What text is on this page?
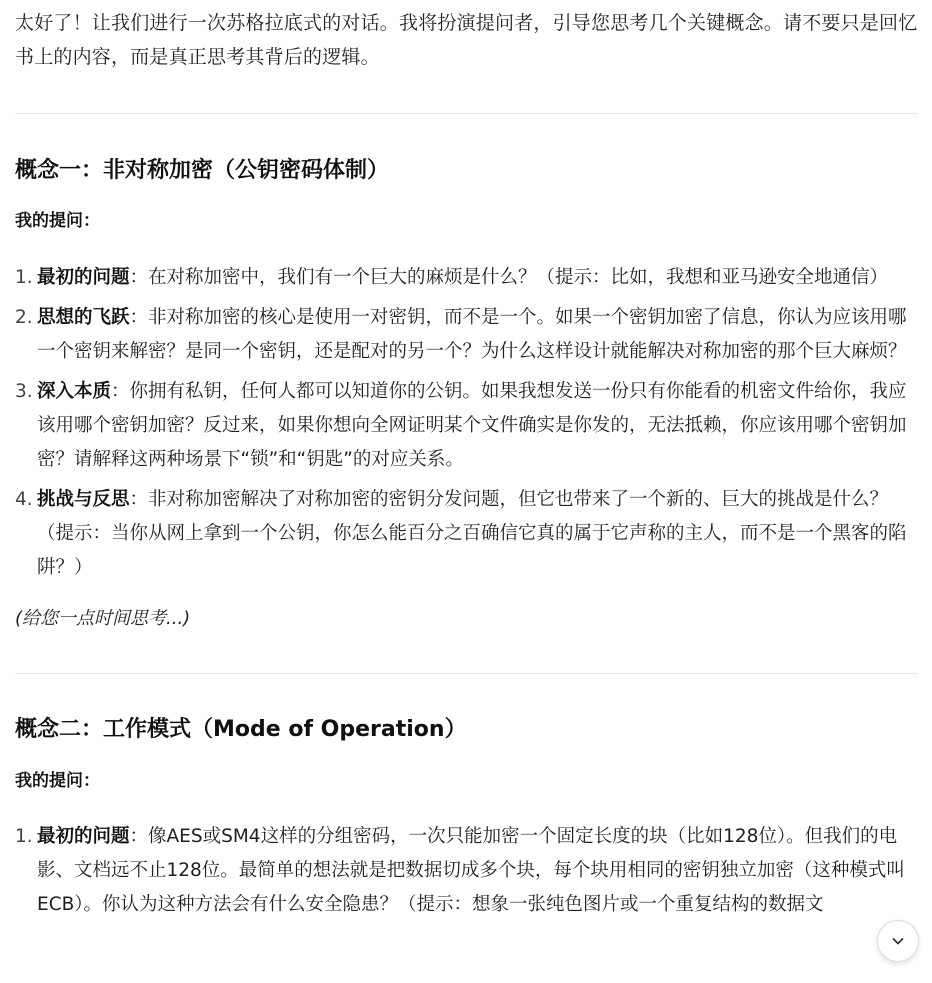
太好了！让我们进行一次苏格拉底式的对话。我将扮演提问者，引导您思考几个关键概念。请不要只是回忆书上的内容，而是真正思考其背后的逻辑。

概念一：非对称加密（公钥密码体制）
我的提问：
1. 最初的问题：在对称加密中，我们有一个巨大的麻烦是什么？（提示：比如，我想和亚马逊安全地通信）
2. 思想的飞跃：非对称加密的核心是使用一对密钥，而不是一个。如果一个密钥加密了信息，你认为应该用哪一个密钥来解密？是同一个密钥，还是配对的另一个？为什么这样设计就能解决对称加密的那个巨大麻烦？
3. 深入本质：你拥有私钥，任何人都可以知道你的公钥。如果我想发送一份只有你能看的机密文件给你，我应该用哪个密钥加密？反过来，如果你想向全网证明某个文件确实是你发的，无法抵赖，你应该用哪个密钥加密？请解释这两种场景下“锁”和“钥匙”的对应关系。
4. 挑战与反思：非对称加密解决了对称加密的密钥分发问题，但它也带来了一个新的、巨大的挑战是什么？（提示：当你从网上拿到一个公钥，你怎么能百分之百确信它真的属于它声称的主人，而不是一个黑客的陷阱？）
(给您一点时间思考...)
概念二：工作模式（Mode of Operation）
我的提问：
1. 最初的问题：像AES或SM4这样的分组密码，一次只能加密一个固定长度的块（比如128位）。但我们的电影、文档远不止128位。最简单的想法就是把数据切成多个块，每个块用相同的密钥独立加密（这种模式叫ECB）。你认为这种方法会有什么安全隐患？（提示：想象一张纯色图片或一个重复结构的数据文
